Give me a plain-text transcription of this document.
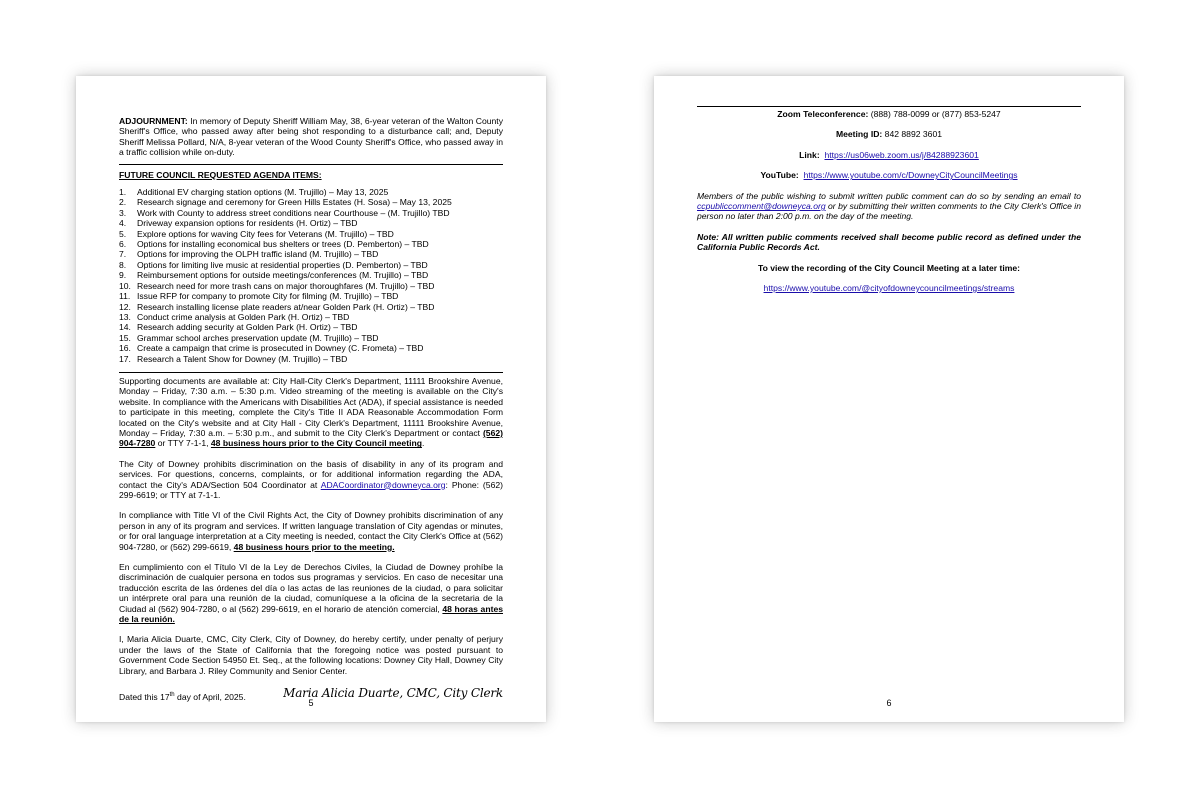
ADJOURNMENT: In memory of Deputy Sheriff William May, 38, 6-year veteran of the Walton County Sheriff's Office, who passed away after being shot responding to a disturbance call; and, Deputy Sheriff Melissa Pollard, N/A, 8-year veteran of the Wood County Sheriff's Office, who passed away in a traffic collision while on-duty.

FUTURE COUNCIL REQUESTED AGENDA ITEMS:

1.	Additional EV charging station options (M. Trujillo) – May 13, 2025
2.	Research signage and ceremony for Green Hills Estates (H. Sosa) – May 13, 2025
3.	Work with County to address street conditions near Courthouse – (M. Trujillo) TBD
4.	Driveway expansion options for residents (H. Ortiz) – TBD
5.	Explore options for waving City fees for Veterans (M. Trujillo) – TBD
6.	Options for installing economical bus shelters or trees (D. Pemberton) – TBD
7.	Options for improving the OLPH traffic island (M. Trujillo) – TBD
8.	Options for limiting live music at residential properties (D. Pemberton) – TBD
9.	Reimbursement options for outside meetings/conferences (M. Trujillo) – TBD
10. Research need for more trash cans on major thoroughfares (M. Trujillo) – TBD
11. Issue RFP for company to promote City for filming (M. Trujillo) – TBD
12. Research installing license plate readers at/near Golden Park (H. Ortiz) – TBD
13. Conduct crime analysis at Golden Park (H. Ortiz) – TBD
14. Research adding security at Golden Park (H. Ortiz) – TBD
15. Grammar school arches preservation update (M. Trujillo) – TBD
16. Create a campaign that crime is prosecuted in Downey (C. Frometa) – TBD
17. Research a Talent Show for Downey (M. Trujillo) – TBD

Supporting documents are available at: City Hall-City Clerk's Department, 11111 Brookshire Avenue, Monday – Friday, 7:30 a.m. – 5:30 p.m. Video streaming of the meeting is available on the City's website. In compliance with the Americans with Disabilities Act (ADA), if special assistance is needed to participate in this meeting, complete the City's Title II ADA Reasonable Accommodation Form located on the City's website and at City Hall - City Clerk's Department, 11111 Brookshire Avenue, Monday – Friday, 7:30 a.m. – 5:30 p.m., and submit to the City Clerk's Department or contact (562) 904-7280 or TTY 7-1-1, 48 business hours prior to the City Council meeting.

The City of Downey prohibits discrimination on the basis of disability in any of its program and services. For questions, concerns, complaints, or for additional information regarding the ADA, contact the City's ADA/Section 504 Coordinator at ADACoordinator@downeyca.org: Phone: (562) 299-6619; or TTY at 7-1-1.

In compliance with Title VI of the Civil Rights Act, the City of Downey prohibits discrimination of any person in any of its program and services. If written language translation of City agendas or minutes, or for oral language interpretation at a City meeting is needed, contact the City Clerk's Office at (562) 904-7280, or (562) 299-6619, 48 business hours prior to the meeting.

En cumplimiento con el Título VI de la Ley de Derechos Civiles, la Ciudad de Downey prohíbe la discriminación de cualquier persona en todos sus programas y servicios. En caso de necesitar una traducción escrita de las órdenes del día o las actas de las reuniones de la ciudad, o para solicitar un intérprete oral para una reunión de la ciudad, comuníquese a la oficina de la secretaria de la Ciudad al (562) 904-7280, o al (562) 299-6619, en el horario de atención comercial, 48 horas antes de la reunión.

I, Maria Alicia Duarte, CMC, City Clerk, City of Downey, do hereby certify, under penalty of perjury under the laws of the State of California that the foregoing notice was posted pursuant to Government Code Section 54950 Et. Seq., at the following locations: Downey City Hall, Downey City Library, and Barbara J. Riley Community and Senior Center.

Dated this 17th day of April, 2025.	Maria Alicia Duarte, CMC, City Clerk
5

Zoom Teleconference: (888) 788-0099 or (877) 853-5247

Meeting ID: 842 8892 3601

Link: https://us06web.zoom.us/j/84288923601

YouTube: https://www.youtube.com/c/DowneyCityCouncilMeetings

Members of the public wishing to submit written public comment can do so by sending an email to ccpubliccomment@downeyca.org or by submitting their written comments to the City Clerk's Office in person no later than 2:00 p.m. on the day of the meeting.

Note: All written public comments received shall become public record as defined under the California Public Records Act.

To view the recording of the City Council Meeting at a later time:

https://www.youtube.com/@cityofdowneycouncilmeetings/streams

6
